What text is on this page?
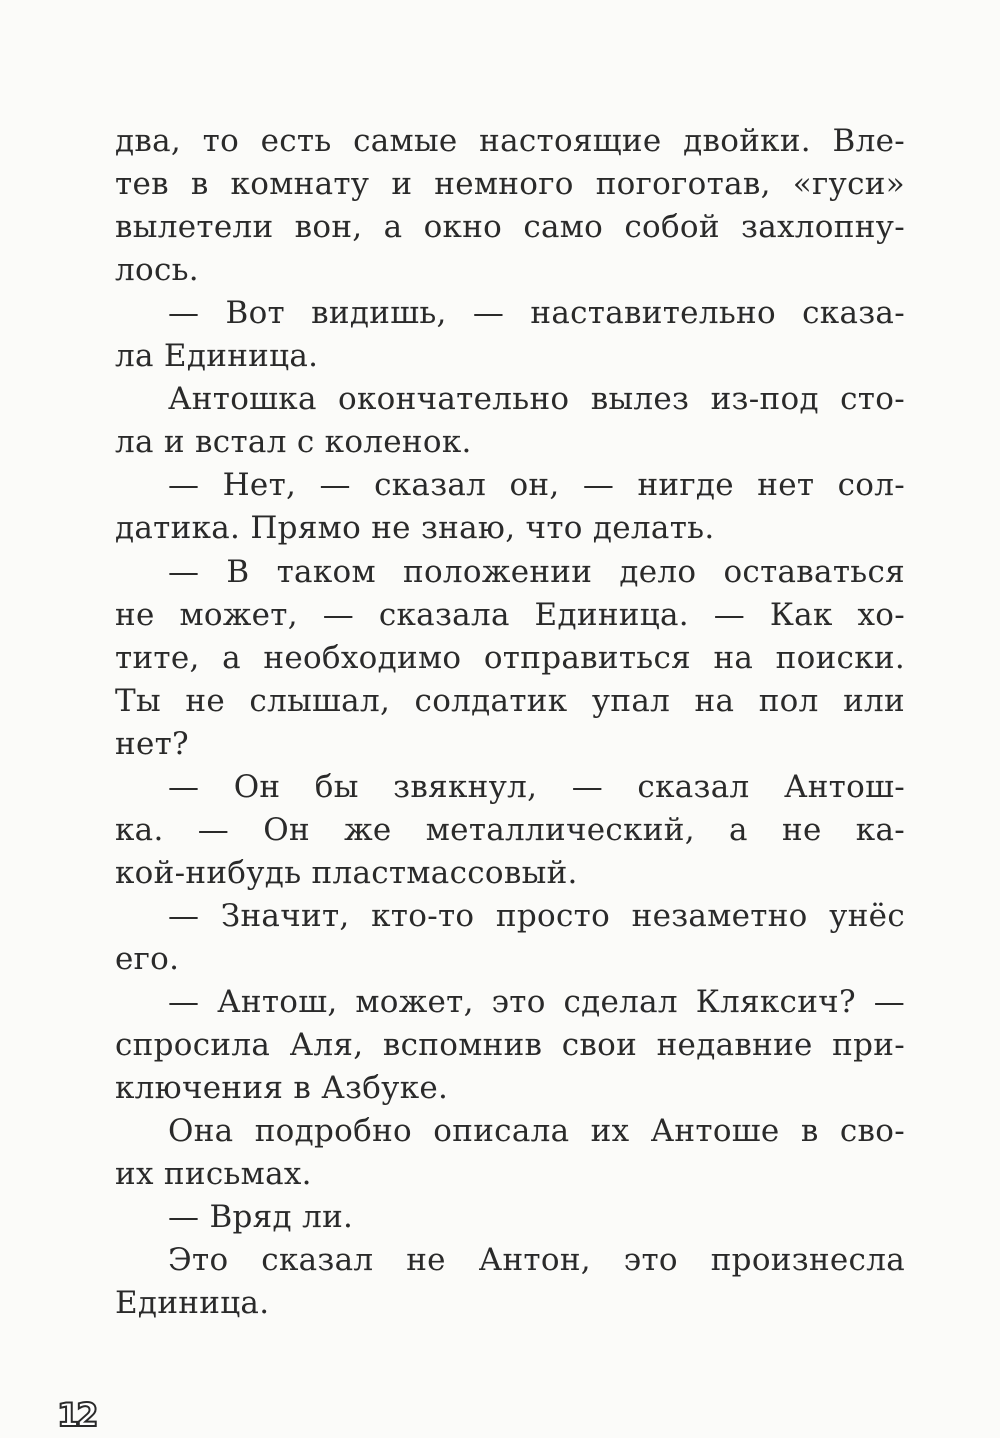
два, то есть самые настоящие двойки. Вле-
тев в комнату и немного погоготав, «гуси»
вылетели вон, а окно само собой захлопну-
лось.
— Вот видишь, — наставительно сказа-
ла Единица.
Антошка окончательно вылез из-под сто-
ла и встал с коленок.
— Нет, — сказал он, — нигде нет сол-
датика. Прямо не знаю, что делать.
— В таком положении дело оставаться
не может, — сказала Единица. — Как хо-
тите, а необходимо отправиться на поиски.
Ты не слышал, солдатик упал на пол или
нет?
— Он бы звякнул, — сказал Антош-
ка. — Он же металлический, а не ка-
кой-нибудь пластмассовый.
— Значит, кто-то просто незаметно унёс
его.
— Антош, может, это сделал Кляксич? —
спросила Аля, вспомнив свои недавние при-
ключения в Азбуке.
Она подробно описала их Антоше в сво-
их письмах.
— Вряд ли.
Это сказал не Антон, это произнесла
Единица.
12
